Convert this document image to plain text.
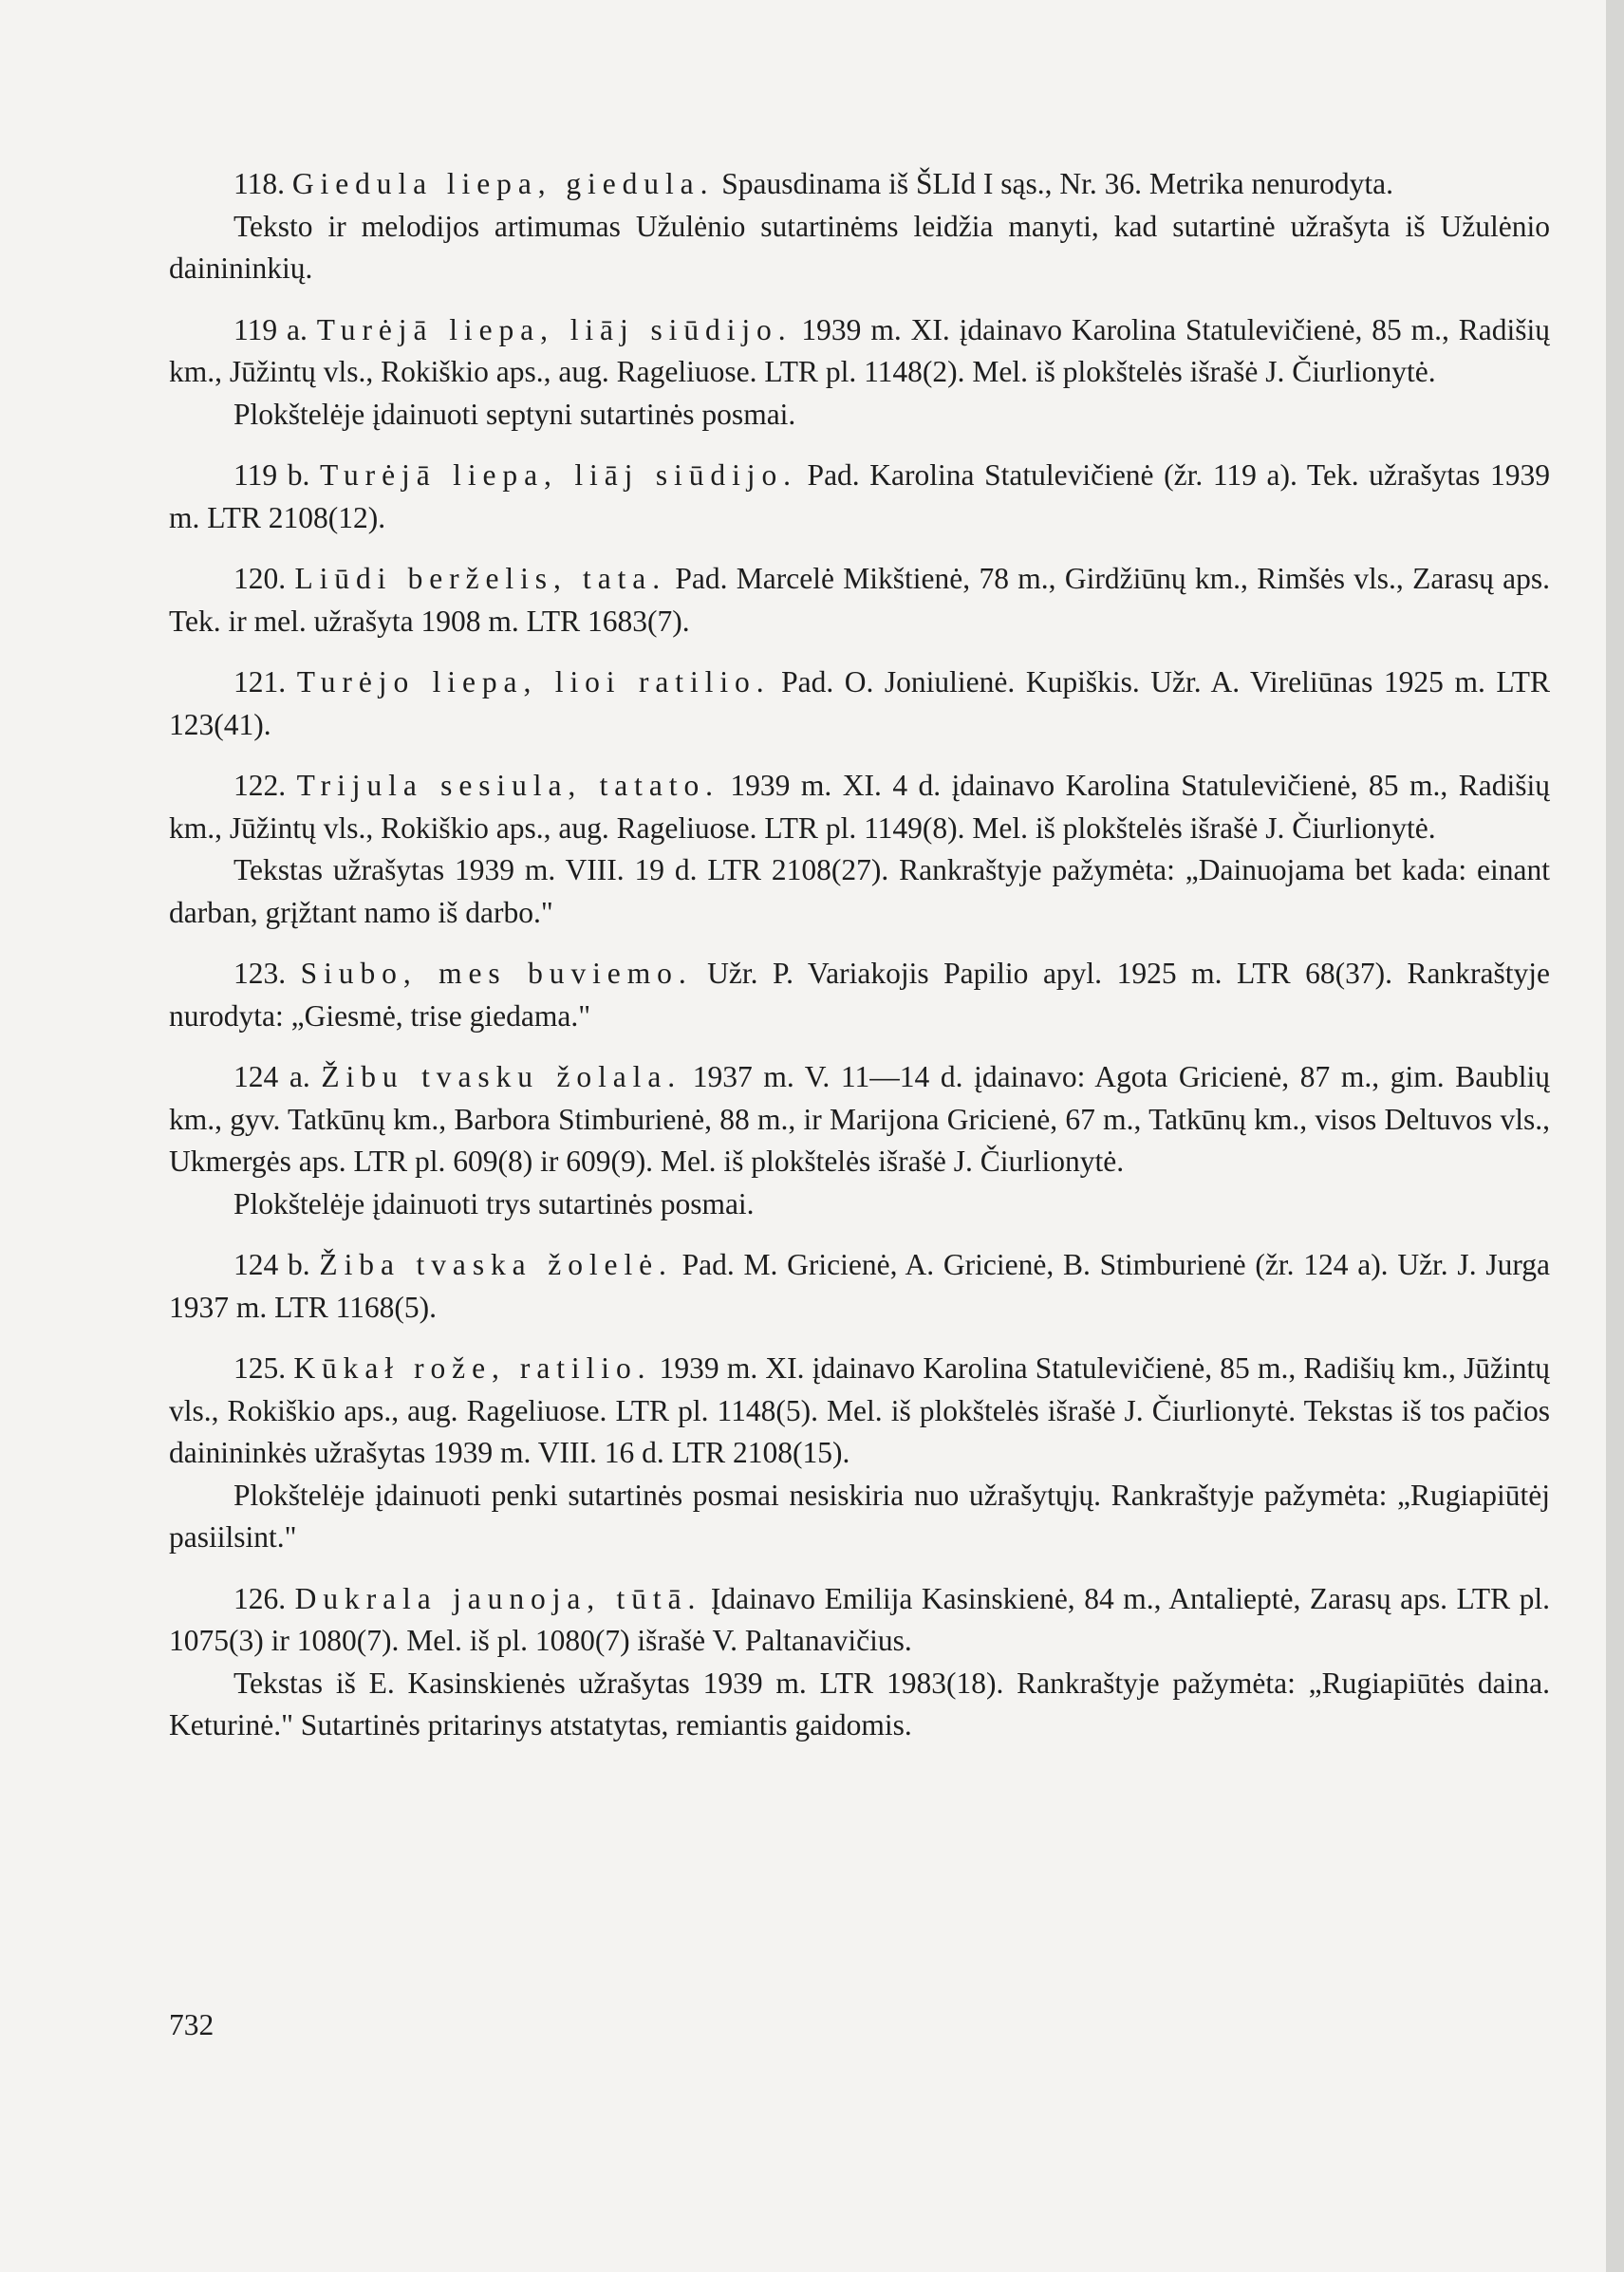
118. Giedula liepa, giedula. Spausdinama iš ŠLId I sąs., Nr. 36. Metrika nenurodyta.

Teksto ir melodijos artimumas Užulėnio sutartinėms leidžia manyti, kad sutartinė užrašyta iš Užulėnio dainininkių.

119 a. Turėjā liepa, liāj siūdijo. 1939 m. XI. įdainavo Karolina Statulevičienė, 85 m., Radišių km., Jūžintų vls., Rokiškio aps., aug. Rageliuose. LTR pl. 1148(2). Mel. iš plokštelės išrašė J. Čiurlionytė.

Plokštelėje įdainuoti septyni sutartinės posmai.

119 b. Turėjā liepa, liāj siūdijo. Pad. Karolina Statulevičienė (žr. 119 a). Tek. užrašytas 1939 m. LTR 2108(12).

120. Liūdi berželis, tata. Pad. Marcelė Mikštienė, 78 m., Girdžiūnų km., Rimšės vls., Zarasų aps. Tek. ir mel. užrašyta 1908 m. LTR 1683(7).

121. Turėjo liepa, lioi ratilio. Pad. O. Joniulienė. Kupiškis. Užr. A. Vireliūnas 1925 m. LTR 123(41).

122. Trijula sesiula, tatato. 1939 m. XI. 4 d. įdainavo Karolina Statulevičienė, 85 m., Radišių km., Jūžintų vls., Rokiškio aps., aug. Rageliuose. LTR pl. 1149(8). Mel. iš plokštelės išrašė J. Čiurlionytė.

Tekstas užrašytas 1939 m. VIII. 19 d. LTR 2108(27). Rankraštyje pažymėta: „Dainuojama bet kada: einant darban, grįžtant namo iš darbo."

123. Siubo, mes buviemo. Užr. P. Variakojis Papilio apyl. 1925 m. LTR 68(37). Rankraštyje nurodyta: „Giesmė, trise giedama."

124 a. Žibu tvasku žolala. 1937 m. V. 11—14 d. įdainavo: Agota Gricienė, 87 m., gim. Baublių km., gyv. Tatkūnų km., Barbora Stimburienė, 88 m., ir Marijona Gricienė, 67 m., Tatkūnų km., visos Deltuvos vls., Ukmergės aps. LTR pl. 609(8) ir 609(9). Mel. iš plokštelės išrašė J. Čiurlionytė.

Plokštelėje įdainuoti trys sutartinės posmai.

124 b. Žiba tvaska žolelė. Pad. M. Gricienė, A. Gricienė, B. Stimburienė (žr. 124 a). Užr. J. Jurga 1937 m. LTR 1168(5).

125. Kūkał rože, ratilio. 1939 m. XI. įdainavo Karolina Statulevičienė, 85 m., Radišių km., Jūžintų vls., Rokiškio aps., aug. Rageliuose. LTR pl. 1148(5). Mel. iš plokštelės išrašė J. Čiurlionytė. Tekstas iš tos pačios dainininkės užrašytas 1939 m. VIII. 16 d. LTR 2108(15).

Plokštelėje įdainuoti penki sutartinės posmai nesiskiria nuo užrašytųjų. Rankraštyje pažymėta: „Rugiapiūtėj pasiilsint."

126. Dukrala jaunoja, tūtā. Įdainavo Emilija Kasinskienė, 84 m., Antalieptė, Zarasų aps. LTR pl. 1075(3) ir 1080(7). Mel. iš pl. 1080(7) išrašė V. Paltanavičius.

Tekstas iš E. Kasinskienės užrašytas 1939 m. LTR 1983(18). Rankraštyje pažymėta: „Rugiapiūtės daina. Keturinė." Sutartinės pritarinys atstatytas, remiantis gaidomis.

732
